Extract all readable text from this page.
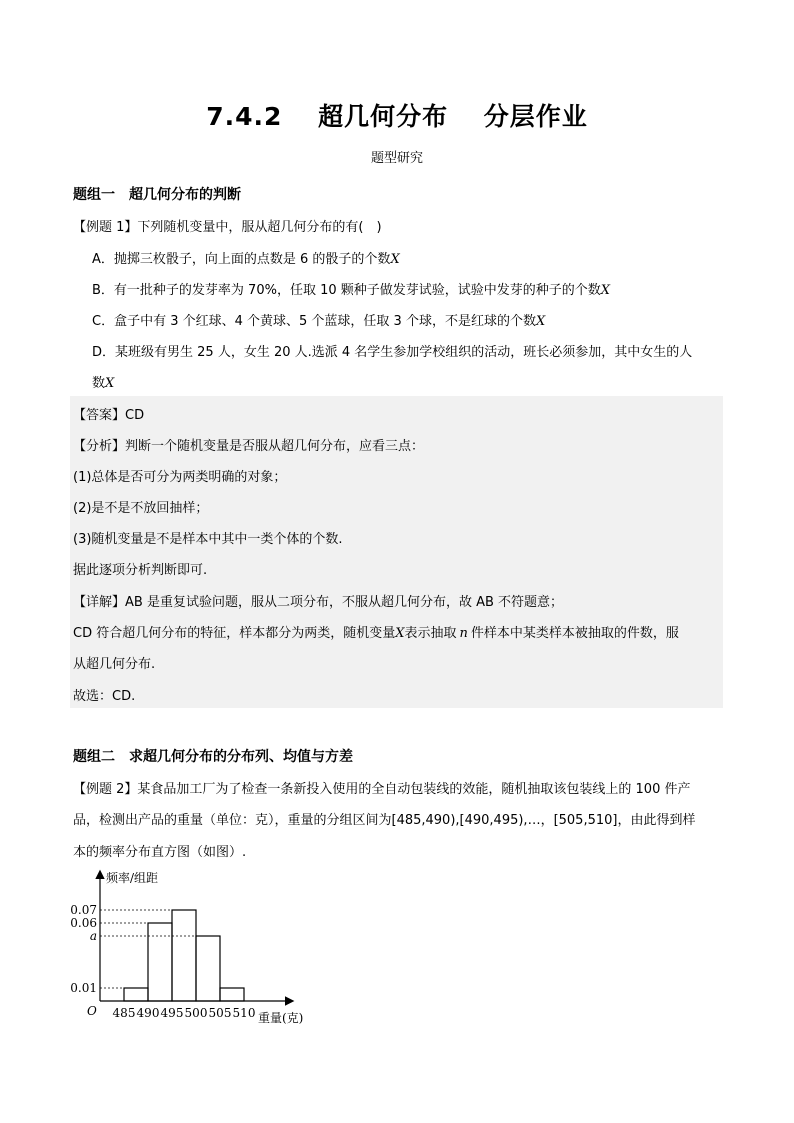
7.4.2　 超几何分布　 分层作业
题型研究
题组一　超几何分布的判断
【例题 1】下列随机变量中，服从超几何分布的有(　)
A．抛掷三枚骰子，向上面的点数是 6 的骰子的个数X
B．有一批种子的发芽率为 70%，任取 10 颗种子做发芽试验，试验中发芽的种子的个数X
C．盒子中有 3 个红球、4 个黄球、5 个蓝球，任取 3 个球，不是红球的个数X
D．某班级有男生 25 人，女生 20 人.选派 4 名学生参加学校组织的活动，班长必须参加，其中女生的人
数X
【答案】CD
【分析】判断一个随机变量是否服从超几何分布，应看三点：
(1)总体是否可分为两类明确的对象；
(2)是不是不放回抽样；
(3)随机变量是不是样本中其中一类个体的个数.
据此逐项分析判断即可.
【详解】AB 是重复试验问题，服从二项分布，不服从超几何分布，故 AB 不符题意；
CD 符合超几何分布的特征，样本都分为两类，随机变量X表示抽取 n 件样本中某类样本被抽取的件数，服
从超几何分布.
故选：CD.
题组二　求超几何分布的分布列、均值与方差
【例题 2】某食品加工厂为了检查一条新投入使用的全自动包装线的效能，随机抽取该包装线上的 100 件产
品，检测出产品的重量（单位：克），重量的分组区间为[485,490),[490,495),…，[505,510]，由此得到样
本的频率分布直方图（如图）.
频率/组距
重量(克)
O 485 490 495 500 505 510
0.07
0.06
a
0.01
